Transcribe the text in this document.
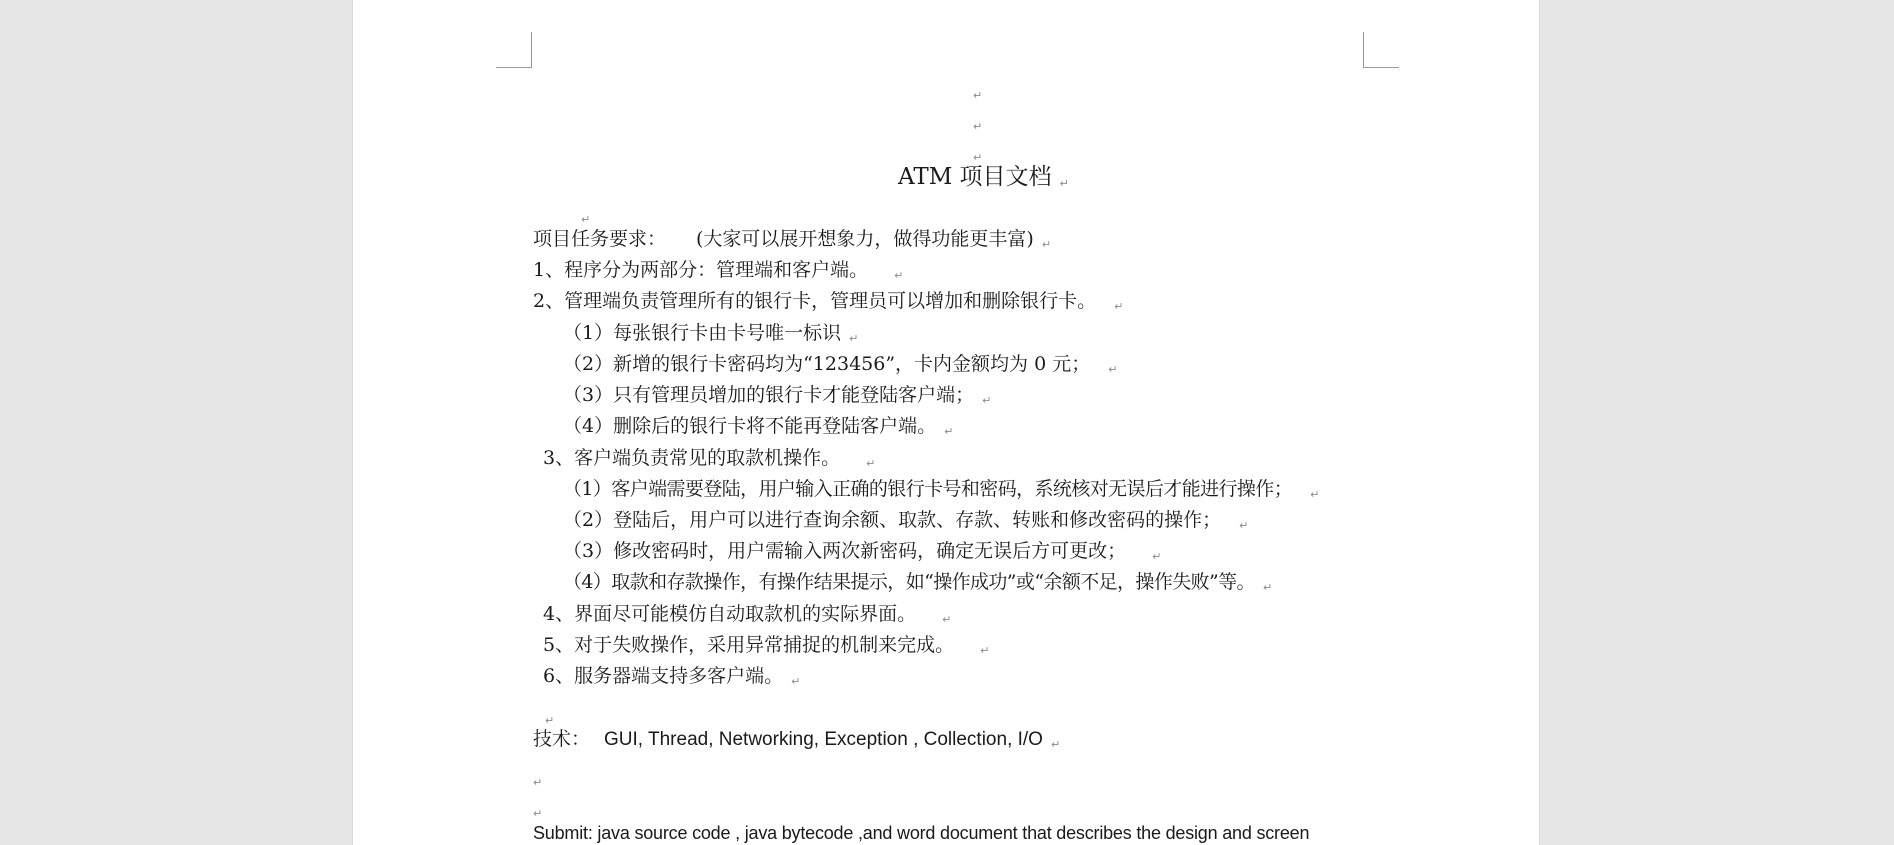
↵

↵

↵

ATM 项目文档 ↵

↵

项目任务要求： (大家可以展开想象力，做得功能更丰富) ↵

1、程序分为两部分：管理端和客户端。 ↵

2、管理端负责管理所有的银行卡，管理员可以增加和删除银行卡。 ↵

（1）每张银行卡由卡号唯一标识 ↵

（2）新增的银行卡密码均为“123456”，卡内金额均为 0 元； ↵

（3）只有管理员增加的银行卡才能登陆客户端； ↵

（4）删除后的银行卡将不能再登陆客户端。 ↵

3、客户端负责常见的取款机操作。 ↵

（1）客户端需要登陆，用户输入正确的银行卡号和密码，系统核对无误后才能进行操作； ↵

（2）登陆后，用户可以进行查询余额、取款、存款、转账和修改密码的操作； ↵

（3）修改密码时，用户需输入两次新密码，确定无误后方可更改； ↵

（4）取款和存款操作，有操作结果提示，如“操作成功”或“余额不足，操作失败”等。 ↵

4、界面尽可能模仿自动取款机的实际界面。 ↵

5、对于失败操作，采用异常捕捉的机制来完成。 ↵

6、服务器端支持多客户端。 ↵

↵

技术： GUI, Thread, Networking, Exception , Collection, I/O ↵

↵

↵

Submit: java source code , java bytecode ,and word document that describes the design and screen
